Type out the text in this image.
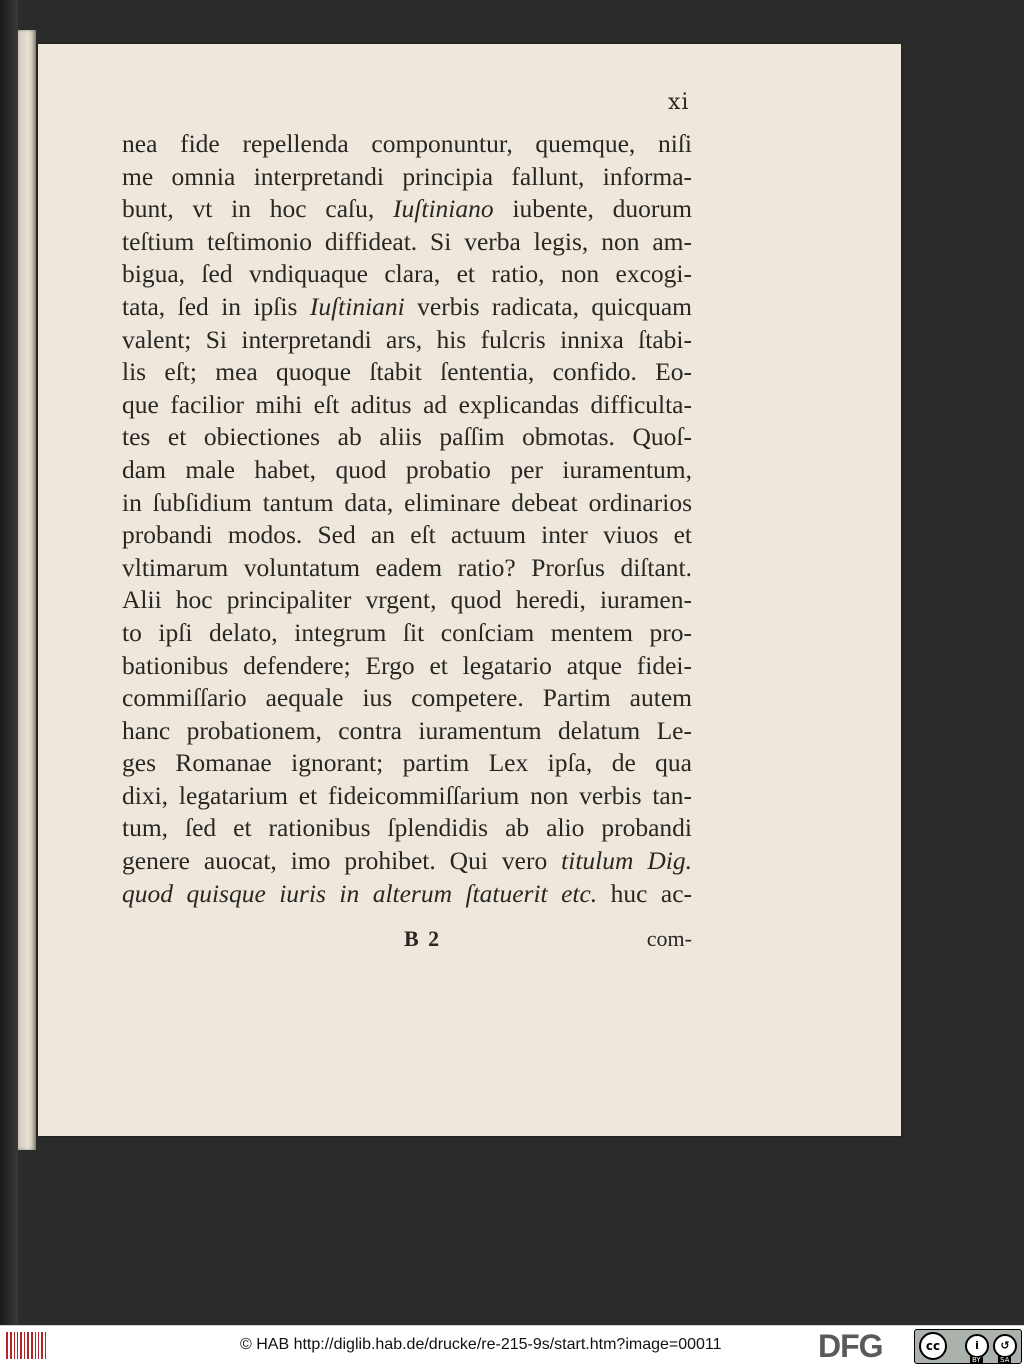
xi
nea fide repellenda componuntur, quemque, niſi
me omnia interpretandi principia fallunt, informa-
bunt, vt in hoc caſu, Iuſtiniano iubente, duorum
teſtium teſtimonio diffideat. Si verba legis, non am-
bigua, ſed vndiquaque clara, et ratio, non excogi-
tata, ſed in ipſis Iuſtiniani verbis radicata, quicquam
valent; Si interpretandi ars, his fulcris innixa ſtabi-
lis eſt; mea quoque ſtabit ſententia, confido. Eo-
que facilior mihi eſt aditus ad explicandas difficulta-
tes et obiectiones ab aliis paſſim obmotas. Quoſ-
dam male habet, quod probatio per iuramentum,
in ſubſidium tantum data, eliminare debeat ordinarios
probandi modos. Sed an eſt actuum inter viuos et
vltimarum voluntatum eadem ratio? Prorſus diſtant.
Alii hoc principaliter vrgent, quod heredi, iuramen-
to ipſi delato, integrum ſit conſciam mentem pro-
bationibus defendere; Ergo et legatario atque fidei-
commiſſario aequale ius competere. Partim autem
hanc probationem, contra iuramentum delatum Le-
ges Romanae ignorant; partim Lex ipſa, de qua
dixi, legatarium et fideicommiſſarium non verbis tan-
tum, ſed et rationibus ſplendidis ab alio probandi
genere auocat, imo prohibet. Qui vero titulum Dig.
quod quisque iuris in alterum ſtatuerit etc. huc ac-
B 2	com-
© HAB http://diglib.hab.de/drucke/re-215-9s/start.htm?image=00011	DFG	cc	i	↺
BY	SA
